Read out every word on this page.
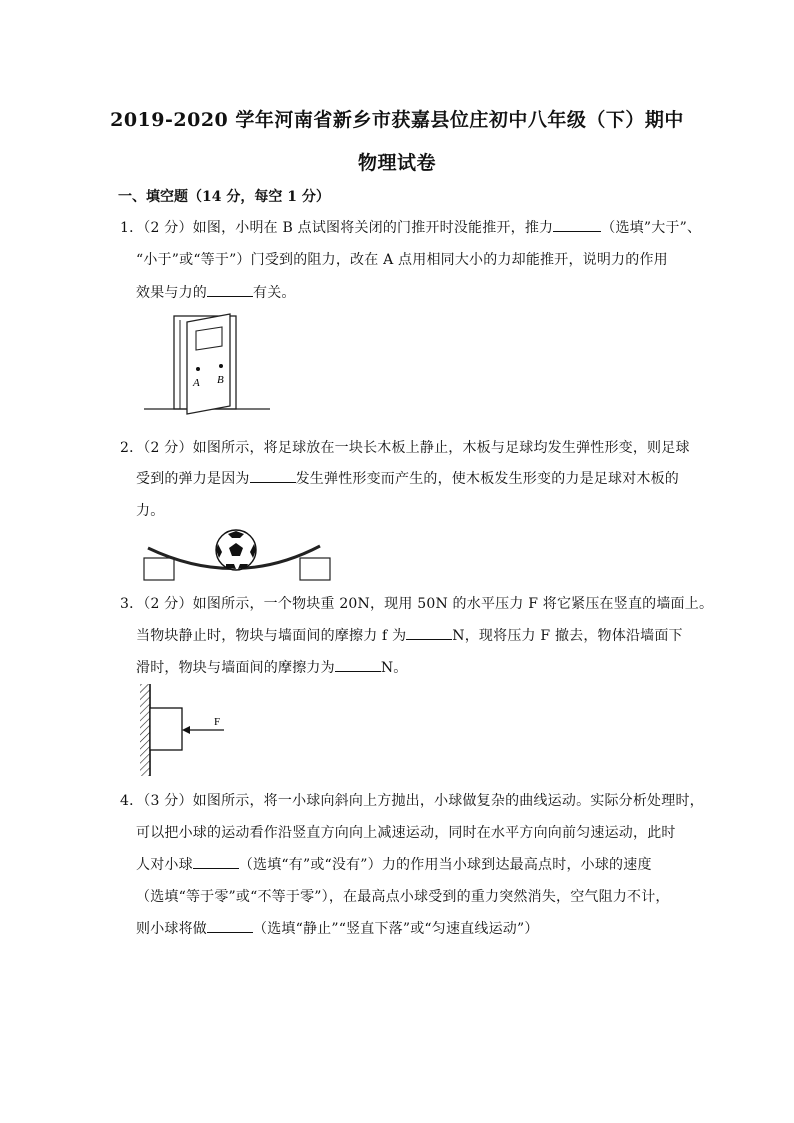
2019-2020 学年河南省新乡市获嘉县位庄初中八年级（下）期中
物理试卷
一、填空题（14 分，每空 1 分）
1．（2 分）如图，小明在 B 点试图将关闭的门推开时没能推开，推力	（选填”大于”、
“小于”或“等于”）门受到的阻力，改在 A 点用相同大小的力却能推开，说明力的作用
效果与力的	有关。
A B
2．（2 分）如图所示，将足球放在一块长木板上静止，木板与足球均发生弹性形变，则足球
受到的弹力是因为	发生弹性形变而产生的，使木板发生形变的力是足球对木板的
力。
3．（2 分）如图所示，一个物块重 20N，现用 50N 的水平压力 F 将它紧压在竖直的墙面上。
当物块静止时，物块与墙面间的摩擦力 f 为	N，现将压力 F 撤去，物体沿墙面下
滑时，物块与墙面间的摩擦力为	N。
F
4．（3 分）如图所示，将一小球向斜向上方抛出，小球做复杂的曲线运动。实际分析处理时，
可以把小球的运动看作沿竖直方向向上减速运动，同时在水平方向向前匀速运动，此时
人对小球	（选填“有”或“没有”）力的作用当小球到达最高点时，小球的速度
（选填“等于零”或“不等于零”），在最高点小球受到的重力突然消失，空气阻力不计，
则小球将做	（选填“静止”“竖直下落”或“匀速直线运动”）
